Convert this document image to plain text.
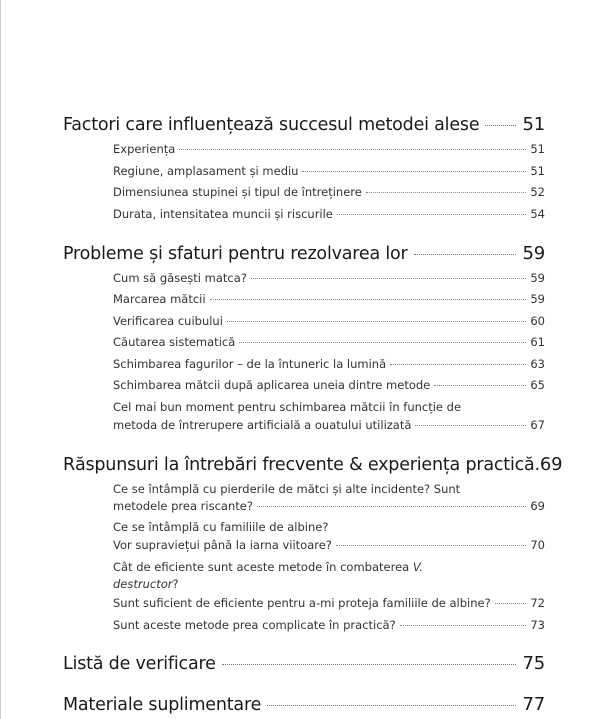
Factori care influențează succesul metodei alese 51
Experiența	51
Regiune, amplasament și mediu	51
Dimensiunea stupinei și tipul de întreținere	52
Durata, intensitatea muncii și riscurile	54
Probleme și sfaturi pentru rezolvarea lor	59
Cum să găsești matca?	59
Marcarea mătcii	59
Verificarea cuibului	60
Căutarea sistematică	61
Schimbarea fagurilor – de la întuneric la lumină	63
Schimbarea mătcii după aplicarea uneia dintre metode	65
Cel mai bun moment pentru schimbarea mătcii în funcție de
metoda de întrerupere artificială a ouatului utilizată	67
Răspunsuri la întrebări frecvente & experiența practică. 69
Ce se întâmplă cu pierderile de mătci și alte incidente? Sunt
metodele prea riscante?	69
Ce se întâmplă cu familiile de albine?
Vor supraviețui până la iarna viitoare?	70
Cât de eficiente sunt aceste metode în combaterea V.
destructor?
Sunt suficient de eficiente pentru a-mi proteja familiile de albine?	72
Sunt aceste metode prea complicate în practică?	73
Listă de verificare	75
Materiale suplimentare	77
